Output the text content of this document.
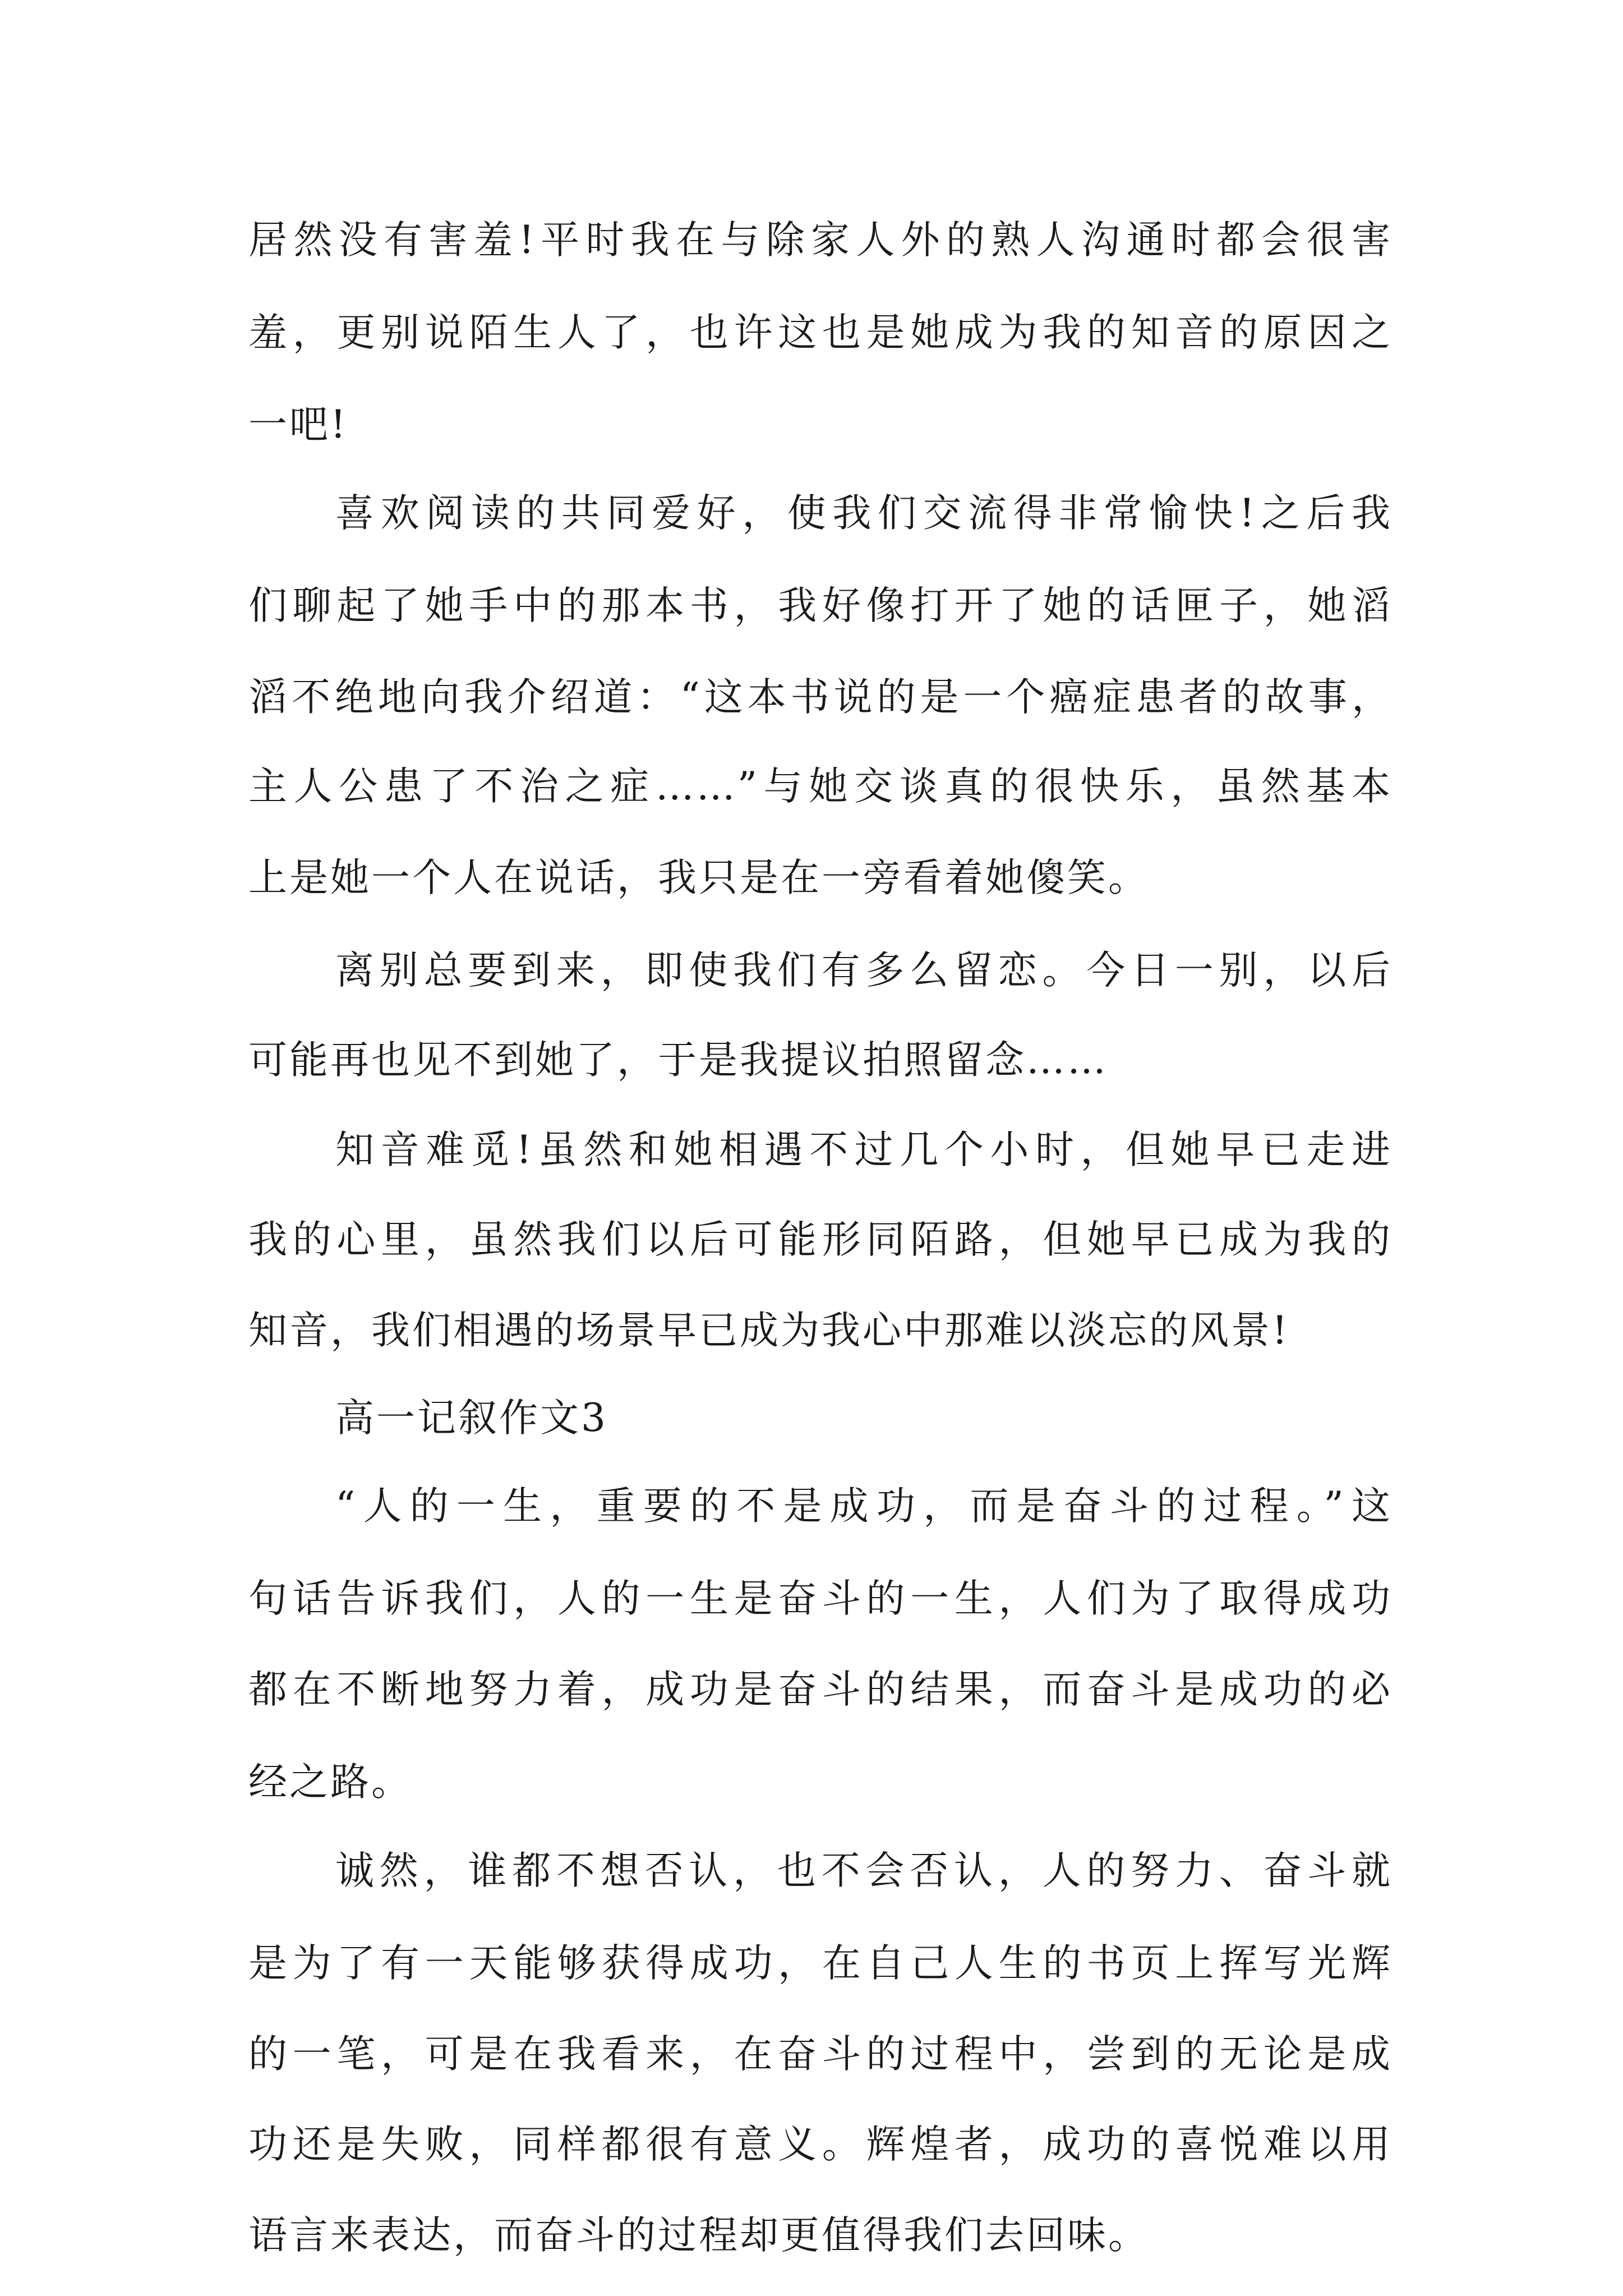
居然没有害羞!平时我在与除家人外的熟人沟通时都会很害
羞，更别说陌生人了，也许这也是她成为我的知音的原因之
一吧!
喜欢阅读的共同爱好，使我们交流得非常愉快!之后我
们聊起了她手中的那本书，我好像打开了她的话匣子，她滔
滔不绝地向我介绍道：“这本书说的是一个癌症患者的故事，
主人公患了不治之症……”与她交谈真的很快乐，虽然基本
上是她一个人在说话，我只是在一旁看着她傻笑。
离别总要到来，即使我们有多么留恋。今日一别，以后
可能再也见不到她了，于是我提议拍照留念……
知音难觅!虽然和她相遇不过几个小时，但她早已走进
我的心里，虽然我们以后可能形同陌路，但她早已成为我的
知音，我们相遇的场景早已成为我心中那难以淡忘的风景!
高一记叙作文3
“人的一生，重要的不是成功，而是奋斗的过程。”这
句话告诉我们，人的一生是奋斗的一生，人们为了取得成功
都在不断地努力着，成功是奋斗的结果，而奋斗是成功的必
经之路。
诚然，谁都不想否认，也不会否认，人的努力、奋斗就
是为了有一天能够获得成功，在自己人生的书页上挥写光辉
的一笔，可是在我看来，在奋斗的过程中，尝到的无论是成
功还是失败，同样都很有意义。辉煌者，成功的喜悦难以用
语言来表达，而奋斗的过程却更值得我们去回味。
